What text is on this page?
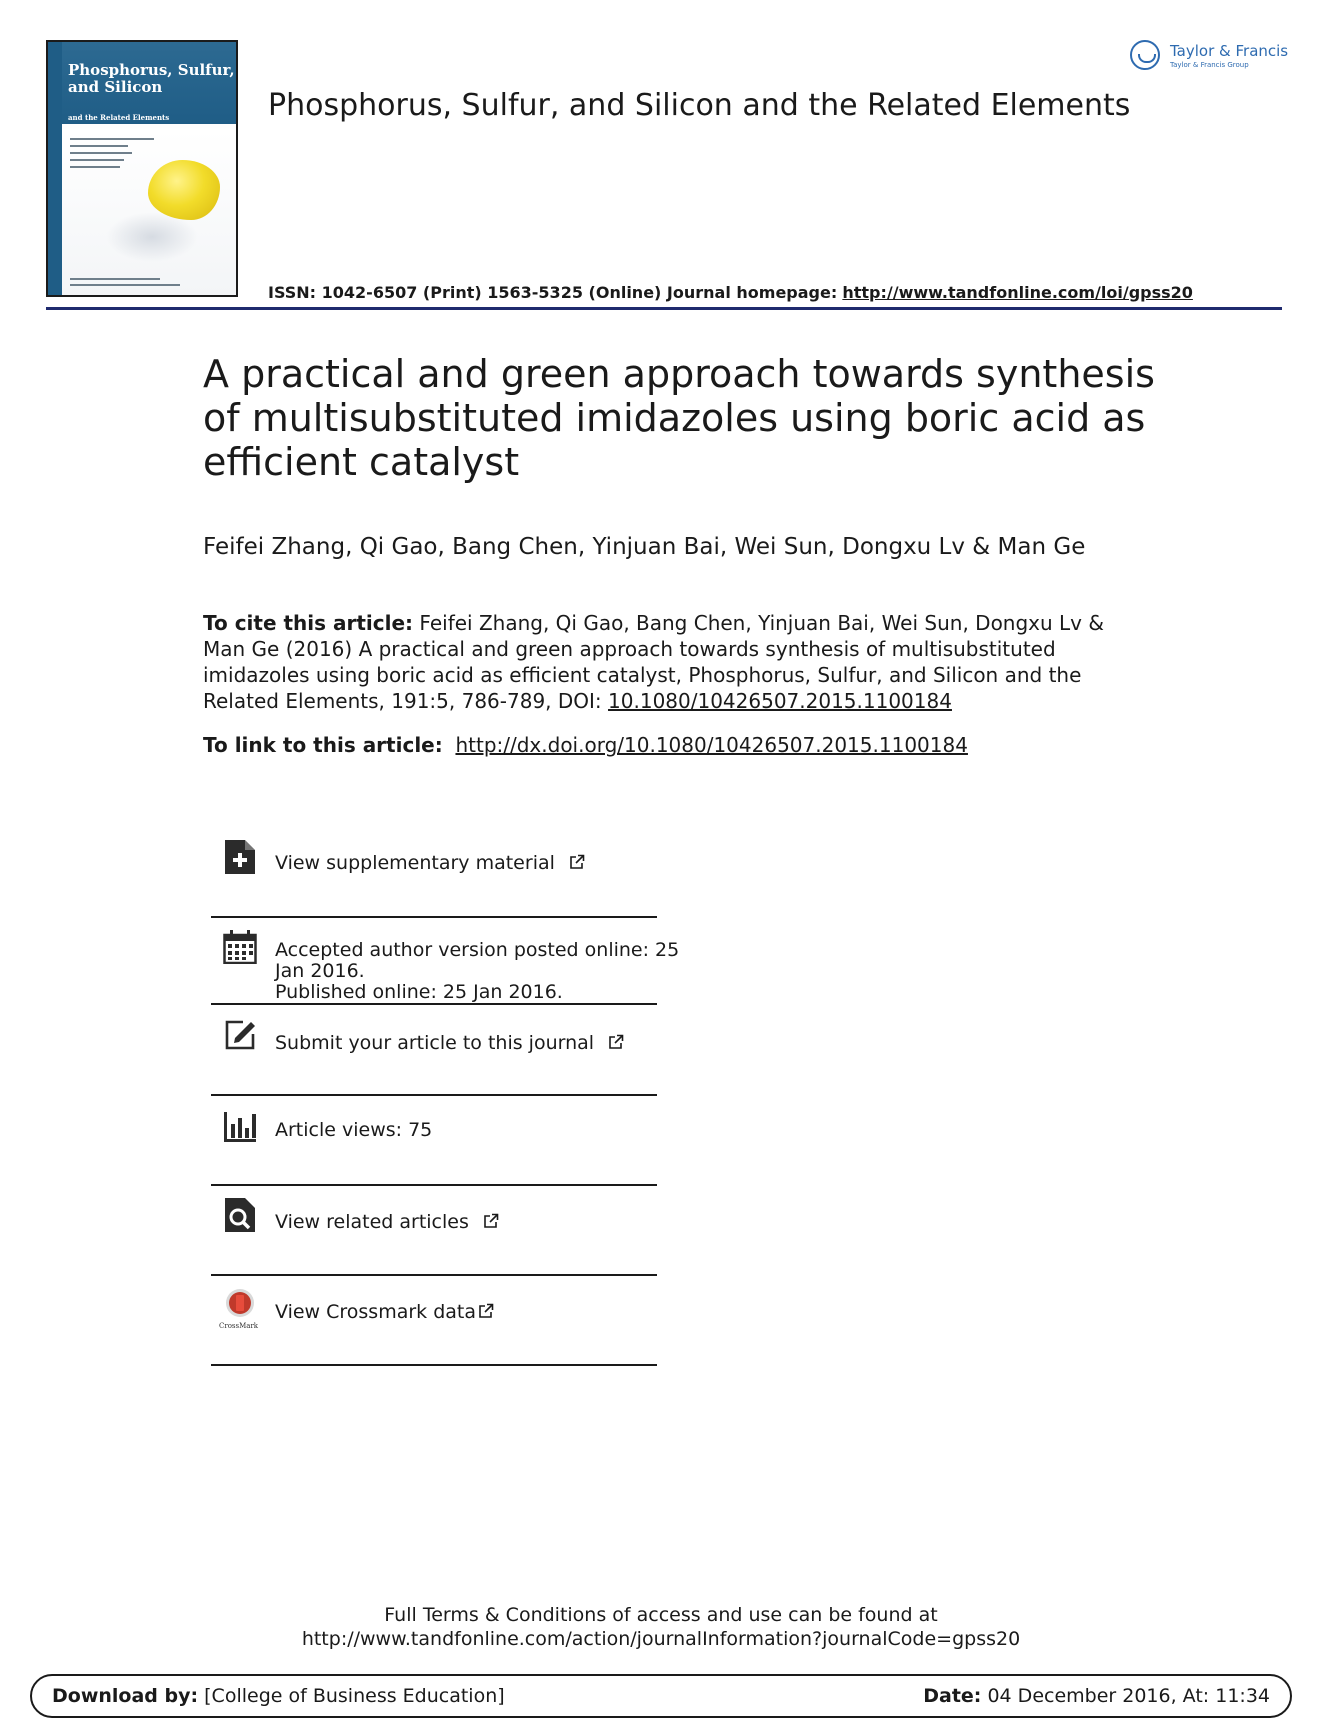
Phosphorus, Sulfur, and Silicon
and the Related Elements	Phosphorus, Sulfur, and Silicon and the Related Elements
ISSN: 1042-6507 (Print) 1563-5325 (Online) Journal homepage: http://www.tandfonline.com/loi/gpss20
Taylor & Francis
Taylor & Francis Group
A practical and green approach towards synthesis of multisubstituted imidazoles using boric acid as efficient catalyst
Feifei Zhang, Qi Gao, Bang Chen, Yinjuan Bai, Wei Sun, Dongxu Lv & Man Ge
To cite this article: Feifei Zhang, Qi Gao, Bang Chen, Yinjuan Bai, Wei Sun, Dongxu Lv & Man Ge (2016) A practical and green approach towards synthesis of multisubstituted imidazoles using boric acid as efficient catalyst, Phosphorus, Sulfur, and Silicon and the Related Elements, 191:5, 786-789, DOI: 10.1080/10426507.2015.1100184
To link to this article: http://dx.doi.org/10.1080/10426507.2015.1100184
View supplementary material
Accepted author version posted online: 25
Jan 2016.
Published online: 25 Jan 2016.
Submit your article to this journal
Article views: 75
View related articles
CrossMark
View Crossmark data
Full Terms & Conditions of access and use can be found at
http://www.tandfonline.com/action/journalInformation?journalCode=gpss20
Download by: [College of Business Education]	Date: 04 December 2016, At: 11:34
